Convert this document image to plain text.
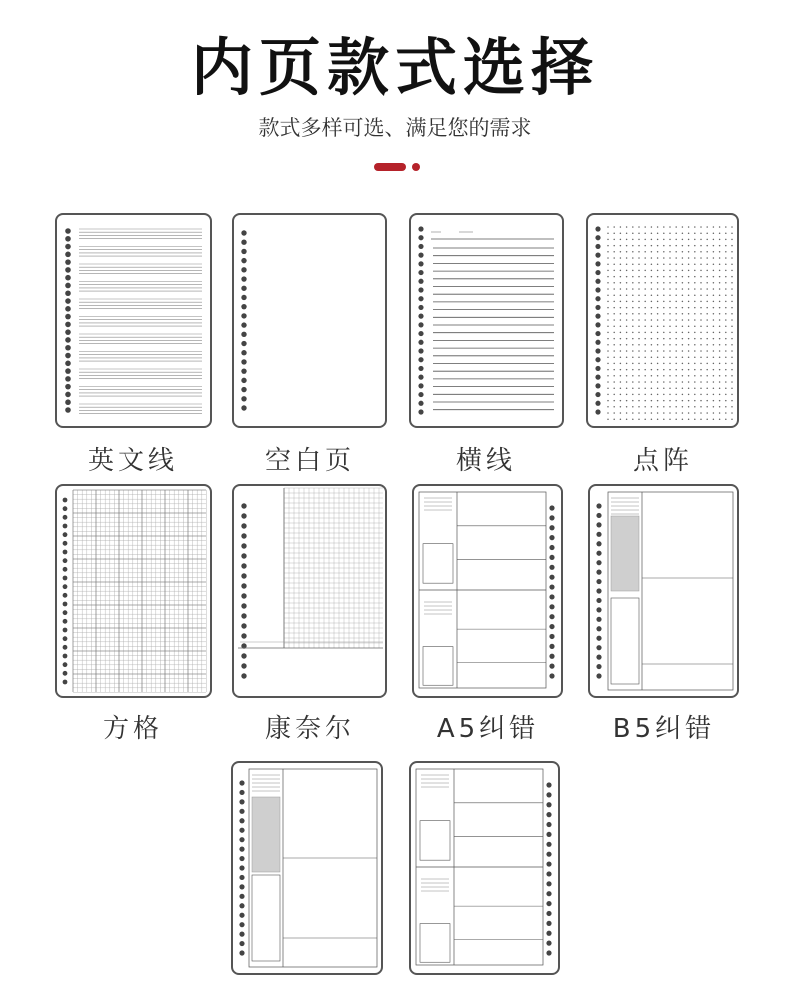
内页款式选择
款式多样可选、满足您的需求
英文线	空白页	横线	点阵
方格	康奈尔	A5纠错	B5纠错
